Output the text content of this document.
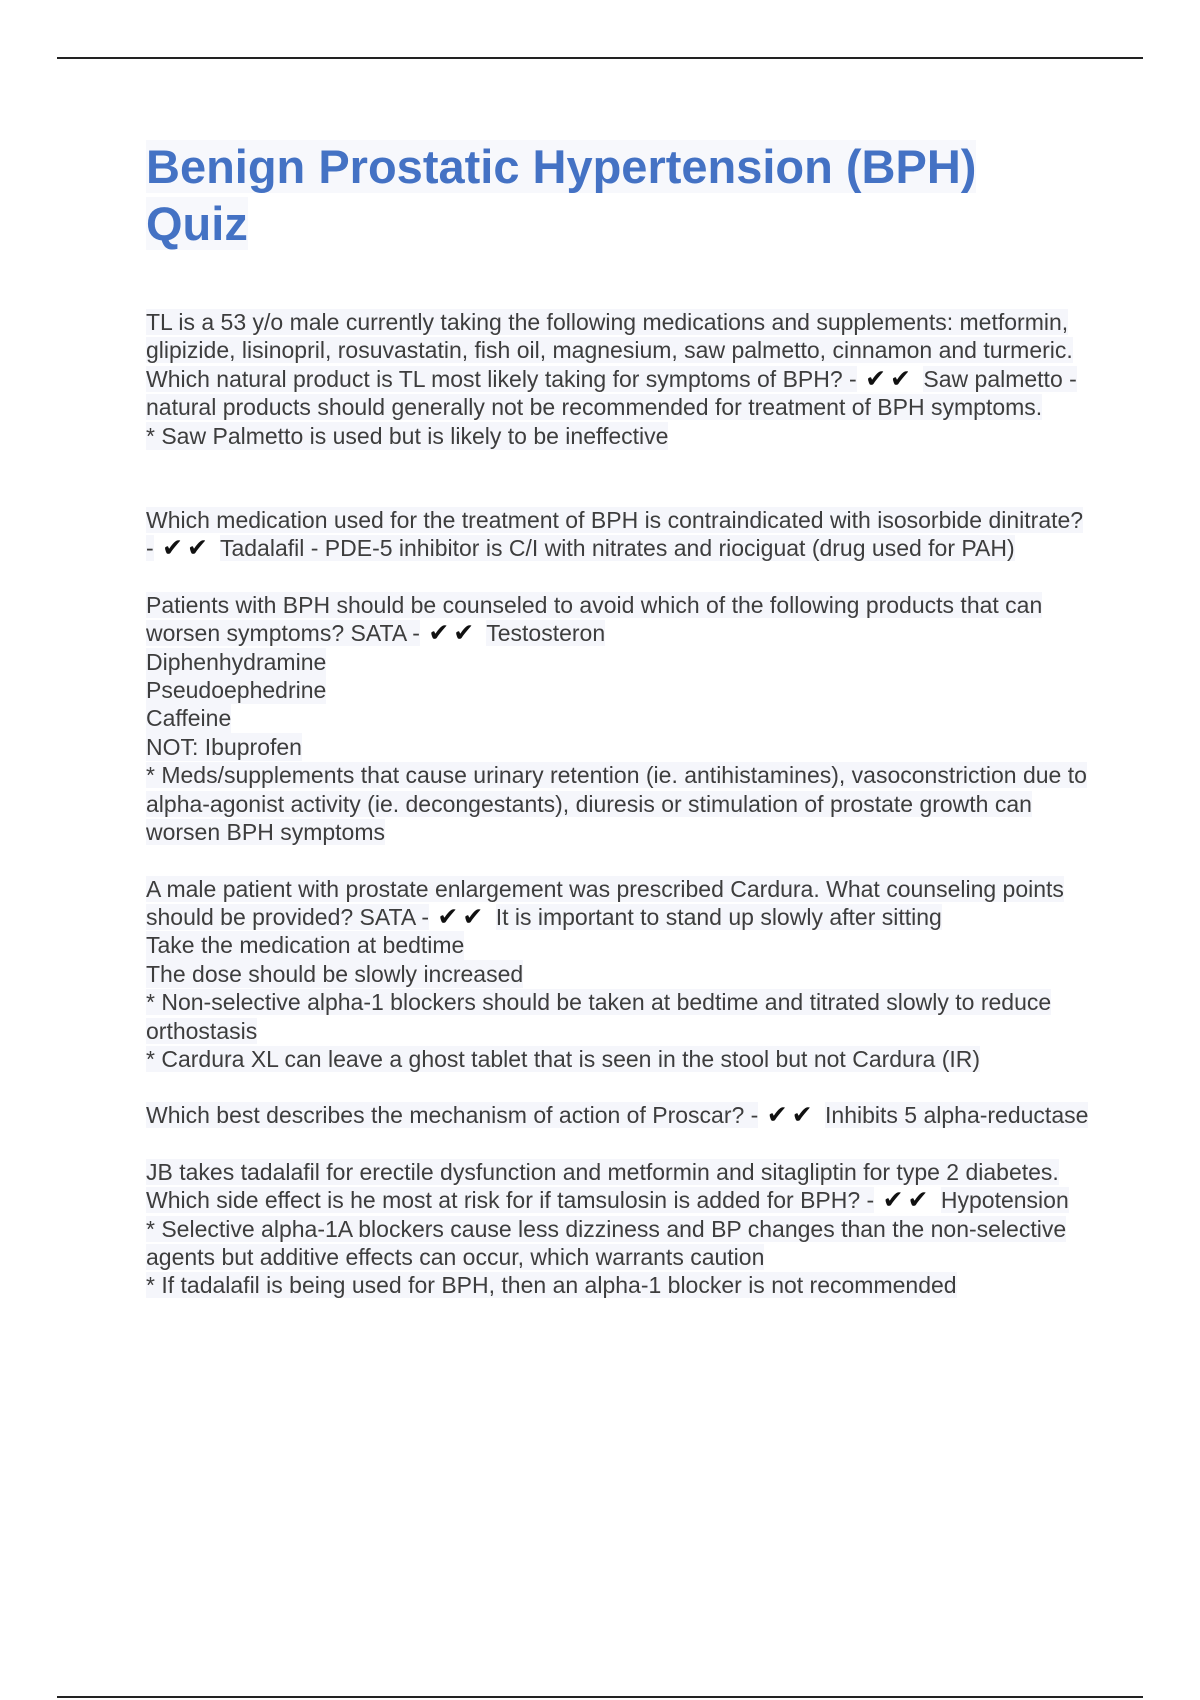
Benign Prostatic Hypertension (BPH) Quiz

TL is a 53 y/o male currently taking the following medications and supplements: metformin, glipizide, lisinopril, rosuvastatin, fish oil, magnesium, saw palmetto, cinnamon and turmeric. Which natural product is TL most likely taking for symptoms of BPH? - ✔✔ Saw palmetto - natural products should generally not be recommended for treatment of BPH symptoms.
* Saw Palmetto is used but is likely to be ineffective

Which medication used for the treatment of BPH is contraindicated with isosorbide dinitrate? - ✔✔ Tadalafil - PDE-5 inhibitor is C/I with nitrates and riociguat (drug used for PAH)

Patients with BPH should be counseled to avoid which of the following products that can worsen symptoms? SATA - ✔✔ Testosteron
Diphenhydramine
Pseudoephedrine
Caffeine
NOT: Ibuprofen
* Meds/supplements that cause urinary retention (ie. antihistamines), vasoconstriction due to alpha-agonist activity (ie. decongestants), diuresis or stimulation of prostate growth can worsen BPH symptoms

A male patient with prostate enlargement was prescribed Cardura. What counseling points should be provided? SATA - ✔✔ It is important to stand up slowly after sitting
Take the medication at bedtime
The dose should be slowly increased
* Non-selective alpha-1 blockers should be taken at bedtime and titrated slowly to reduce orthostasis
* Cardura XL can leave a ghost tablet that is seen in the stool but not Cardura (IR)

Which best describes the mechanism of action of Proscar? - ✔✔ Inhibits 5 alpha-reductase

JB takes tadalafil for erectile dysfunction and metformin and sitagliptin for type 2 diabetes. Which side effect is he most at risk for if tamsulosin is added for BPH? - ✔✔ Hypotension
* Selective alpha-1A blockers cause less dizziness and BP changes than the non-selective agents but additive effects can occur, which warrants caution
* If tadalafil is being used for BPH, then an alpha-1 blocker is not recommended
